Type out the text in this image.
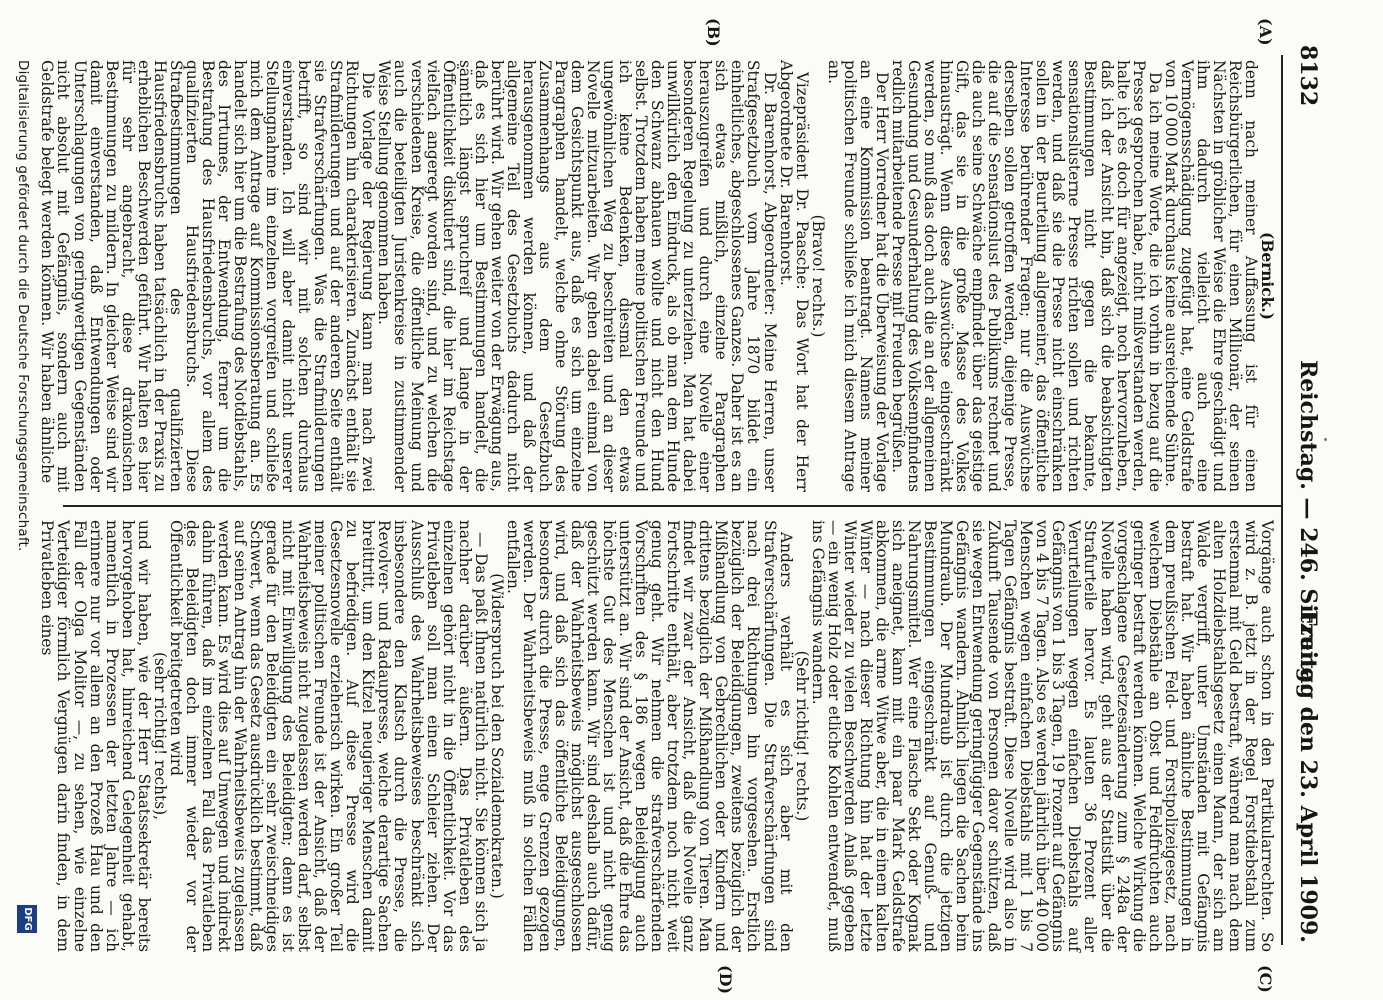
8132
Reichstag. — 246. Sitzung.
Freitag den 23. April 1909.
(A)
(B)
(C)
(D)

(Bernick.)

denn nach meiner Auffassung ist für einen Reichsbürgerlichen, für einen Millionär, der seinen Nächsten in gröblicher Weise die Ehre geschädigt und ihm dadurch vielleicht auch eine Vermögensschädigung zugefügt hat, eine Geldstrafe von 10 000 Mark durchaus keine ausreichende Sühne.

Da ich meine Worte, die ich vorhin in bezug auf die Presse gesprochen habe, nicht mißverstanden werden, halte ich es doch für angezeigt, noch hervorzuheben, daß ich der Ansicht bin, daß sich die beabsichtigten Bestimmungen nicht gegen die bekannte, sensationslüsterne Presse richten sollen und richten werden, und daß sie die Presse nicht einschränken sollen in der Beurteilung allgemeiner, das öffentliche Interesse berührender Fragen; nur die Auswüchse derselben sollen getroffen werden, diejenige Presse, die auf die Sensationslust des Publikums rechnet und die auch seine Schwäche empfindet über das geistige Gift, das sie in die große Masse des Volkes hinausträgt. Wenn diese Auswüchse eingeschränkt werden, so muß das doch auch die an der allgemeinen Gesundung und Gesunderhaltung des Volksempfindens redlich mitarbeitende Presse mit Freuden begrüßen.

Der Herr Vorredner hat die Überweisung der Vorlage an eine Kommission beantragt. Namens meiner politischen Freunde schließe ich mich diesem Antrage an.

(Bravo! rechts.)

Vizepräsident Dr. Paasche: Das Wort hat der Herr Abgeordnete Dr. Barenhorst.

Dr. Barenhorst, Abgeordneter: Meine Herren, unser Strafgesetzbuch vom Jahre 1870 bildet ein einheitliches, abgeschlossenes Ganzes. Daher ist es an sich etwas mißlich, einzelne Paragraphen herauszugreifen und durch eine Novelle einer besonderen Regelung zu unterziehen. Man hat dabei unwillkürlich den Eindruck, als ob man dem Hunde den Schwanz abhauen wollte und nicht den Hund selbst. Trotzdem haben meine politischen Freunde und ich keine Bedenken, diesmal den etwas ungewöhnlichen Weg zu beschreiten und an dieser Novelle mitzuarbeiten. Wir gehen dabei einmal von dem Gesichtspunkt aus, daß es sich um einzelne Paragraphen handelt, welche ohne Störung des Zusammenhangs aus dem Gesetzbuch herausgenommen werden können, und daß der allgemeine Teil des Gesetzbuchs dadurch nicht berührt wird. Wir gehen weiter von der Erwägung aus, daß es sich hier um Bestimmungen handelt, die sämtlich längst spruchreif und lange in der Öffentlichkeit diskutiert sind, die hier im Reichstage vielfach angeregt worden sind, und zu welchen die verschiedenen Kreise, die öffentliche Meinung und auch die beteiligten Juristenkreise in zustimmender Weise Stellung genommen haben.

Die Vorlage der Regierung kann man nach zwei Richtungen hin charakterisieren. Zunächst enthält sie Strafmilderungen und auf der anderen Seite enthält sie Strafverschärfungen. Was die Strafmilderungen betrifft, so sind wir mit solchen durchaus einverstanden. Ich will aber damit nicht unserer Stellungnahme im einzelnen vorgreifen und schließe mich dem Antrage auf Kommissionsberatung an. Es handelt sich hier um die Bestrafung des Notdiebstahls, des Irrtumes, der Entwendung, ferner um die Bestrafung des Hausfriedensbruchs, vor allem des qualifizierten Hausfriedensbruchs. Diese Strafbestimmungen des qualifizierten Hausfriedensbruchs haben tatsächlich in der Praxis zu erheblichen Beschwerden geführt. Wir halten es hier für sehr angebracht, diese drakonischen Bestimmungen zu mildern. In gleicher Weise sind wir damit einverstanden, daß Entwendungen oder Unterschlagungen von geringwertigen Gegenständen nicht absolut mit Gefängnis, sondern auch mit Geldstrafe belegt werden können. Wir haben ähnliche

Vorgänge auch schon in den Partikularrechten. So wird z. B. jetzt in der Regel Forstdiebstahl zum erstenmal mit Geld bestraft, während man nach dem alten Holzdiebstahlsgesetz einen Mann, der sich am Walde vergriff, unter Umständen mit Gefängnis bestraft hat. Wir haben ähnliche Bestimmungen in dem preußischen Feld- und Forstpolizeigesetz, nach welchem Diebstähle an Obst und Feldfrüchten auch geringer bestraft werden können. Welche Wirkung die vorgeschlagene Gesetzesänderung zum § 248a der Novelle haben wird, geht aus der Statistik über die Strafurteile hervor. Es lauten 36 Prozent aller Verurteilungen wegen einfachen Diebstahls auf Gefängnis von 1 bis 3 Tagen, 19 Prozent auf Gefängnis von 4 bis 7 Tagen. Also es werden jährlich über 40 000 Menschen wegen einfachen Diebstahls mit 1 bis 7 Tagen Gefängnis bestraft. Diese Novelle wird also in Zukunft Tausende von Personen davor schützen, daß sie wegen Entwendung geringfügiger Gegenstände ins Gefängnis wandern. Ähnlich liegen die Sachen beim Mundraub. Der Mundraub ist durch die jetzigen Bestimmungen eingeschränkt auf Genuß- und Nahrungsmittel. Wer eine Flasche Sekt oder Kognak sich aneignet, kann mit ein paar Mark Geldstrafe abkommen, die arme Witwe aber, die in einem kalten Winter — nach dieser Richtung hin hat der letzte Winter wieder zu vielen Beschwerden Anlaß gegeben — ein wenig Holz oder etliche Kohlen entwendet, muß ins Gefängnis wandern.

(Sehr richtig! rechts.)

Anders verhält es sich aber mit den Strafverschärfungen. Die Strafverschärfungen sind nach drei Richtungen hin vorgesehen. Erstlich bezüglich der Beleidigungen, zweitens bezüglich der Mißhandlung von Gebrechlichen oder Kindern und drittens bezüglich der Mißhandlung von Tieren. Man findet wir zwar der Ansicht, daß die Novelle ganz Fortschritte enthält, aber trotzdem noch nicht weit genug geht. Wir nehmen die strafverschärfenden Vorschriften des § 186 wegen Beleidigung auch unterstützt an. Wir sind der Ansicht, daß die Ehre das höchste Gut des Menschen ist und nicht genug geschützt werden kann. Wir sind deshalb auch dafür, daß der Wahrheitsbeweis möglichst ausgeschlossen wird, und daß sich das öffentliche Beleidigungen, besonders durch die Presse, enge Grenzen gezogen werden. Der Wahrheitsbeweis muß in solchen Fällen entfallen.

(Widerspruch bei den Sozialdemokraten.)

— Das paßt Ihnen natürlich nicht. Sie können sich ja nachher darüber äußern. Das Privatleben des einzelnen gehört nicht in die Öffentlichkeit. Vor das Privatleben soll man einen Schleier ziehen. Der Ausschluß des Wahrheitsbeweises beschränkt sich insbesondere den Klatsch durch die Presse, die Revolver- und Radaupresse, welche derartige Sachen breittritt, um den Kitzel neugieriger Menschen damit zu befriedigen. Auf diese Presse wird die Gesetzesnovelle erzieherisch wirken. Ein großer Teil meiner politischen Freunde ist der Ansicht, daß der Wahrheitsbeweis nicht zugelassen werden darf, selbst nicht mit Einwilligung des Beleidigten; denn es ist gerade für den Beleidigten ein sehr zweischneidiges Schwert, wenn das Gesetz ausdrücklich bestimmt, daß auf seinen Antrag hin der Wahrheitsbeweis zugelassen werden kann. Es wird dies auf Umwegen und indirekt dahin führen, daß im einzelnen Fall das Privatleben des Beleidigten doch immer wieder vor der Öffentlichkeit breitgetreten wird

(sehr richtig! rechts),

und wir haben, wie der Herr Staatssekretär bereits hervorgehoben hat, hinreichend Gelegenheit gehabt, namentlich in Prozessen der letzten Jahre — ich erinnere nur vor allem an den Prozeß Hau und den Fall der Olga Molitor —, zu sehen, wie einzelne Verteidiger förmlich Vergnügen darin finden, in dem Privatleben eines

Digitalisierung gefördert durch die Deutsche Forschungsgemeinschaft.
DFG
